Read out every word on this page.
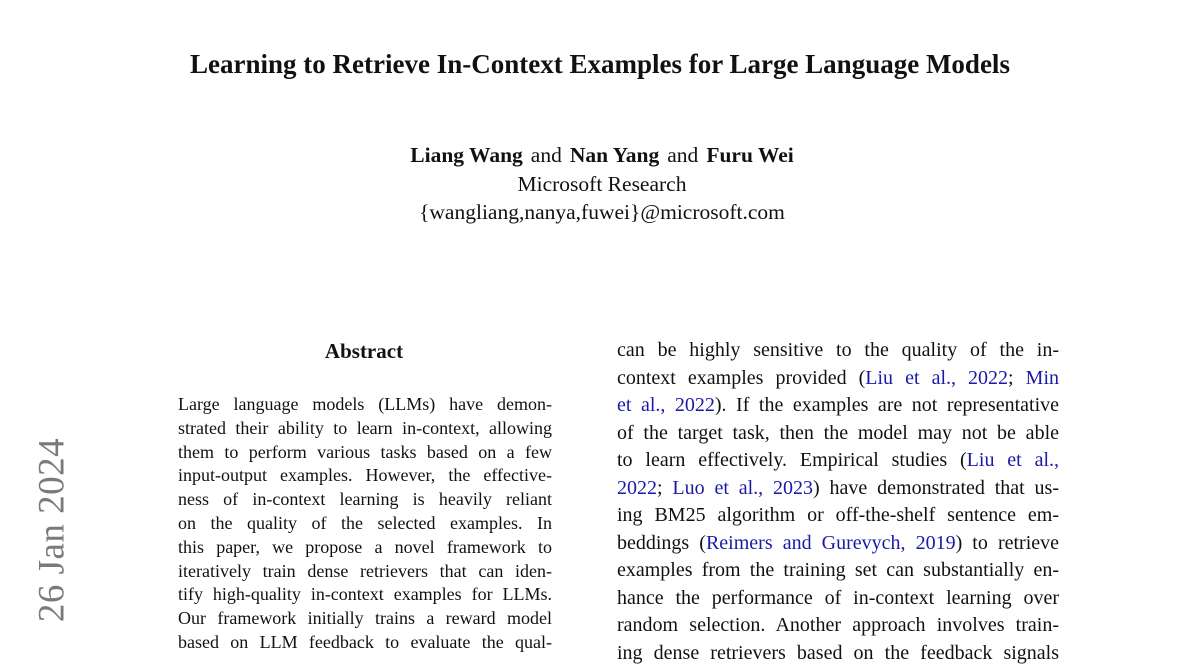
Learning to Retrieve In-Context Examples for Large Language Models
Liang Wang and Nan Yang and Furu Wei
Microsoft Research
{wangliang,nanya,fuwei}@microsoft.com
26 Jan 2024
Abstract
Large language models (LLMs) have demon-
strated their ability to learn in-context, allowing
them to perform various tasks based on a few
input-output examples. However, the effective-
ness of in-context learning is heavily reliant
on the quality of the selected examples. In
this paper, we propose a novel framework to
iteratively train dense retrievers that can iden-
tify high-quality in-context examples for LLMs.
Our framework initially trains a reward model
based on LLM feedback to evaluate the qual-
can be highly sensitive to the quality of the in-
context examples provided (Liu et al., 2022; Min
et al., 2022). If the examples are not representative
of the target task, then the model may not be able
to learn effectively. Empirical studies (Liu et al.,
2022; Luo et al., 2023) have demonstrated that us-
ing BM25 algorithm or off-the-shelf sentence em-
beddings (Reimers and Gurevych, 2019) to retrieve
examples from the training set can substantially en-
hance the performance of in-context learning over
random selection. Another approach involves train-
ing dense retrievers based on the feedback signals
